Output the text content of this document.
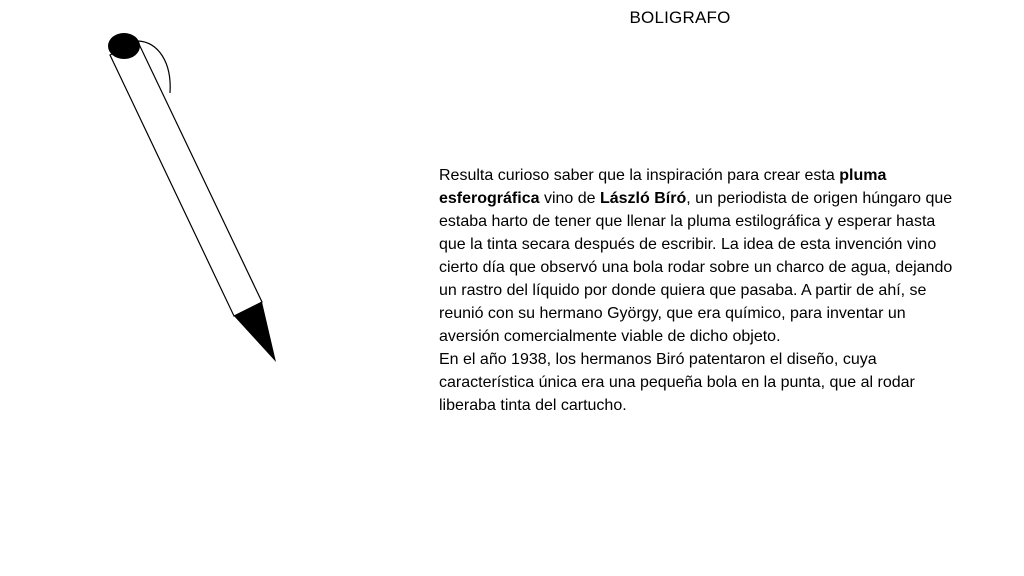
BOLIGRAFO

Resulta curioso saber que la inspiración para crear esta pluma esferográfica vino de László Bíró, un periodista de origen húngaro que estaba harto de tener que llenar la pluma estilográfica y esperar hasta que la tinta secara después de escribir. La idea de esta invención vino cierto día que observó una bola rodar sobre un charco de agua, dejando un rastro del líquido por donde quiera que pasaba. A partir de ahí, se reunió con su hermano György, que era químico, para inventar un aversión comercialmente viable de dicho objeto.

En el año 1938, los hermanos Biró patentaron el diseño, cuya característica única era una pequeña bola en la punta, que al rodar liberaba tinta del cartucho.
